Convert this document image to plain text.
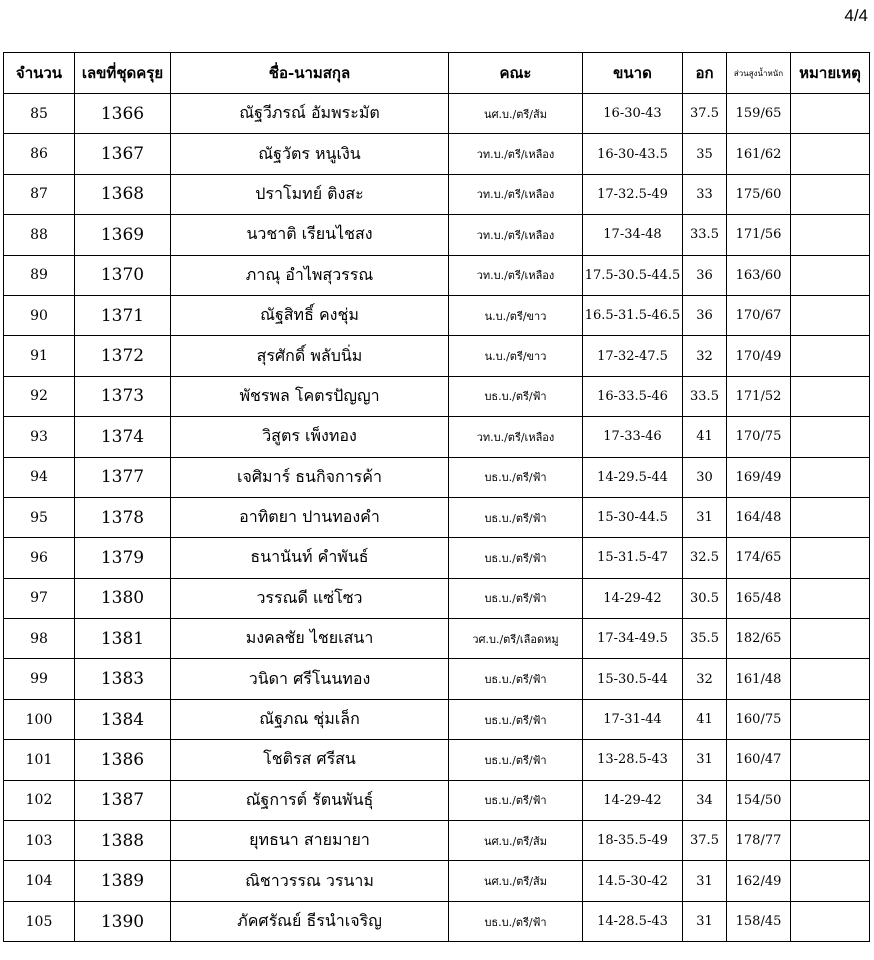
4/4
จำนวน	เลขที่ชุดครุย	ชื่อ-นามสกุล	คณะ	ขนาด	อก	ส่วนสูงน้ำหนัก	หมายเหตุ
85	1366	ณัฐวีภรณ์ อัมพระมัต	นศ.บ./ตรี/ส้ม	16-30-43	37.5	159/65	
86	1367	ณัฐวัตร หนูเงิน	วท.บ./ตรี/เหลือง	16-30-43.5	35	161/62	
87	1368	ปราโมทย์ ติงสะ	วท.บ./ตรี/เหลือง	17-32.5-49	33	175/60	
88	1369	นวชาติ เรียนไชสง	วท.บ./ตรี/เหลือง	17-34-48	33.5	171/56	
89	1370	ภาณุ อำไพสุวรรณ	วท.บ./ตรี/เหลือง	17.5-30.5-44.5	36	163/60	
90	1371	ณัฐสิทธิ์ คงชุ่ม	น.บ./ตรี/ขาว	16.5-31.5-46.5	36	170/67	
91	1372	สุรศักดิ์ พลับนิ่ม	น.บ./ตรี/ขาว	17-32-47.5	32	170/49	
92	1373	พัชรพล โคตรปัญญา	บธ.บ./ตรี/ฟ้า	16-33.5-46	33.5	171/52	
93	1374	วิสูตร เพ็งทอง	วท.บ./ตรี/เหลือง	17-33-46	41	170/75	
94	1377	เจศิมาร์ ธนกิจการค้า	บธ.บ./ตรี/ฟ้า	14-29.5-44	30	169/49	
95	1378	อาทิตยา ปานทองคำ	บธ.บ./ตรี/ฟ้า	15-30-44.5	31	164/48	
96	1379	ธนานันท์ คำพันธ์	บธ.บ./ตรี/ฟ้า	15-31.5-47	32.5	174/65	
97	1380	วรรณดี แซ่โซว	บธ.บ./ตรี/ฟ้า	14-29-42	30.5	165/48	
98	1381	มงคลชัย ไชยเสนา	วศ.บ./ตรี/เลือดหมู	17-34-49.5	35.5	182/65	
99	1383	วนิดา ศรีโนนทอง	บธ.บ./ตรี/ฟ้า	15-30.5-44	32	161/48	
100	1384	ณัฐภณ ชุ่มเล็ก	บธ.บ./ตรี/ฟ้า	17-31-44	41	160/75	
101	1386	โชติรส ศรีสน	บธ.บ./ตรี/ฟ้า	13-28.5-43	31	160/47	
102	1387	ณัฐการต์ รัตนพันธุ์	บธ.บ./ตรี/ฟ้า	14-29-42	34	154/50	
103	1388	ยุทธนา สายมายา	นศ.บ./ตรี/ส้ม	18-35.5-49	37.5	178/77	
104	1389	ณิชาวรรณ วรนาม	นศ.บ./ตรี/ส้ม	14.5-30-42	31	162/49	
105	1390	ภัคศรัณย์ ธีรนำเจริญ	บธ.บ./ตรี/ฟ้า	14-28.5-43	31	158/45	
